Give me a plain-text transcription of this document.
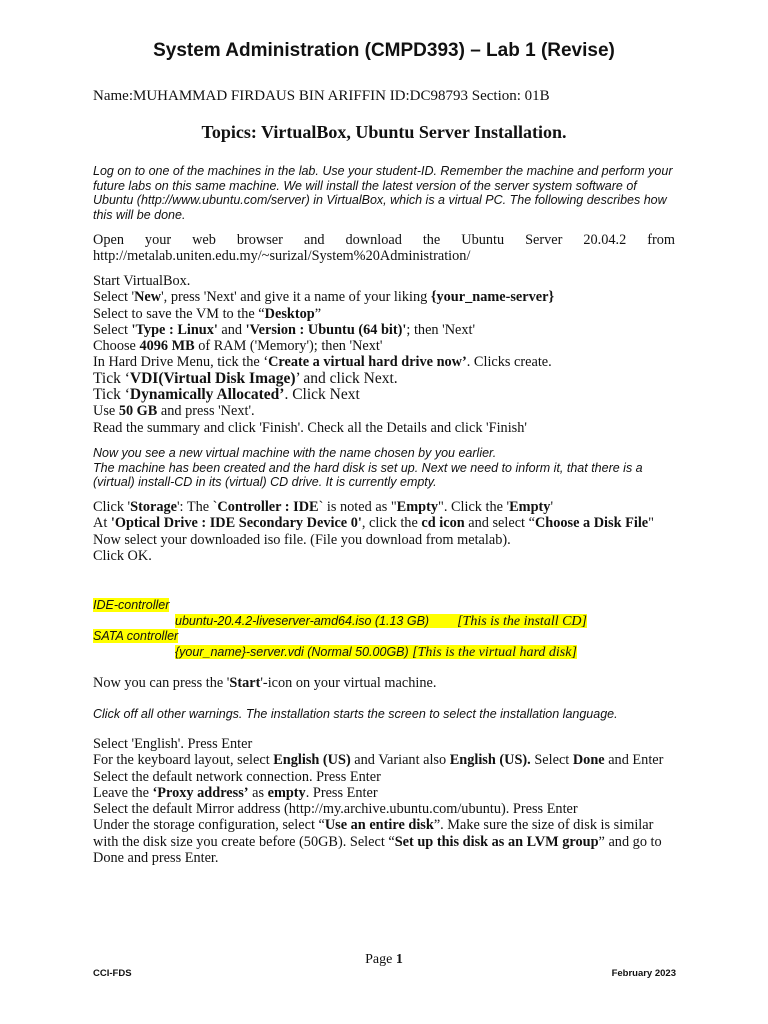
System Administration (CMPD393) – Lab 1 (Revise)
Name:MUHAMMAD FIRDAUS BIN ARIFFIN ID:DC98793 Section: 01B
Topics: VirtualBox, Ubuntu Server Installation.

Log on to one of the machines in the lab. Use your student-ID. Remember the machine and perform your future labs on this same machine. We will install the latest version of the server system software of Ubuntu (http://www.ubuntu.com/server) in VirtualBox, which is a virtual PC. The following describes how this will be done.

Open your web browser and download the Ubuntu Server 20.04.2 from http://metalab.uniten.edu.my/~surizal/System%20Administration/

Start VirtualBox.

Select 'New', press 'Next' and give it a name of your liking {your_name-server}

Select to save the VM to the “Desktop”

Select 'Type : Linux' and 'Version : Ubuntu (64 bit)'; then 'Next'

Choose 4096 MB of RAM ('Memory'); then 'Next'

In Hard Drive Menu, tick the ‘Create a virtual hard drive now’. Clicks create.

Tick ‘VDI(Virtual Disk Image)’ and click Next.

Tick ‘Dynamically Allocated’. Click Next

Use 50 GB and press 'Next'.

Read the summary and click 'Finish'. Check all the Details and click 'Finish'

Now you see a new virtual machine with the name chosen by you earlier.

The machine has been created and the hard disk is set up. Next we need to inform it, that there is a (virtual) install-CD in its (virtual) CD drive. It is currently empty.

Click 'Storage': The `Controller : IDE` is noted as "Empty". Click the 'Empty'

At 'Optical Drive : IDE Secondary Device 0', click the cd icon and select “Choose a Disk File"

Now select your downloaded iso file. (File you download from metalab).

Click OK.

IDE-controller
ubuntu-20.4.2-liveserver-amd64.iso (1.13 GB) [This is the install CD]
SATA controller
{your_name}-server.vdi (Normal 50.00GB) [This is the virtual hard disk]

Now you can press the 'Start'-icon on your virtual machine.

Click off all other warnings. The installation starts the screen to select the installation language.

Select 'English'. Press Enter

For the keyboard layout, select English (US) and Variant also English (US). Select Done and Enter

Select the default network connection. Press Enter

Leave the ‘Proxy address’ as empty. Press Enter

Select the default Mirror address (http://my.archive.ubuntu.com/ubuntu). Press Enter

Under the storage configuration, select “Use an entire disk”. Make sure the size of disk is similar with the disk size you create before (50GB). Select “Set up this disk as an LVM group” and go to Done and press Enter.

Page 1
CCI-FDS	February 2023
